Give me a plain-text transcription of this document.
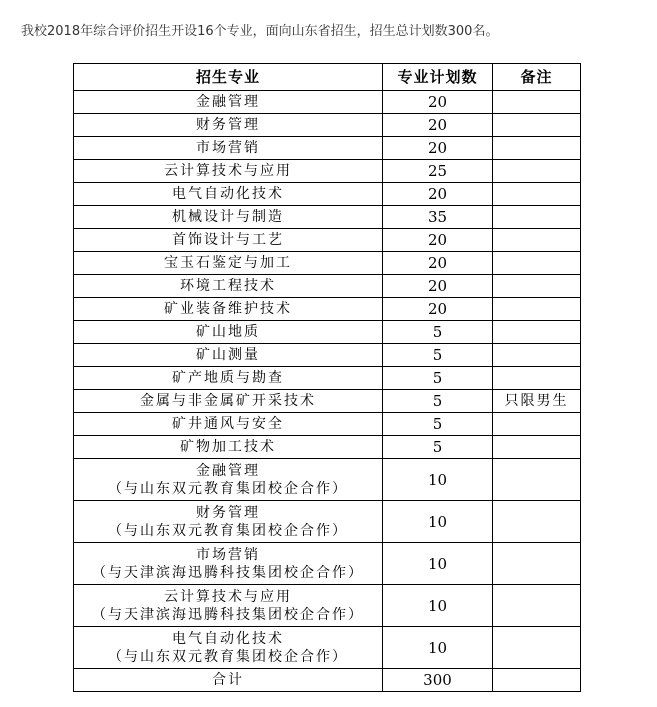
我校2018年综合评价招生开设16个专业，面向山东省招生，招生总计划数300名。
招生专业	专业计划数	备注

金融管理	20	

财务管理	20	

市场营销	20	

云计算技术与应用	25	

电气自动化技术	20	

机械设计与制造	35	

首饰设计与工艺	20	

宝玉石鉴定与加工	20	

环境工程技术	20	

矿业装备维护技术	20	

矿山地质	5	

矿山测量	5	

矿产地质与勘查	5	

金属与非金属矿开采技术	5	只限男生

矿井通风与安全	5	

矿物加工技术	5	

金融管理
（与山东双元教育集团校企合作）	10	

财务管理
（与山东双元教育集团校企合作）	10	

市场营销
（与天津滨海迅腾科技集团校企合作）	10	

云计算技术与应用
（与天津滨海迅腾科技集团校企合作）	10	

电气自动化技术
（与山东双元教育集团校企合作）	10	
合计	300	
